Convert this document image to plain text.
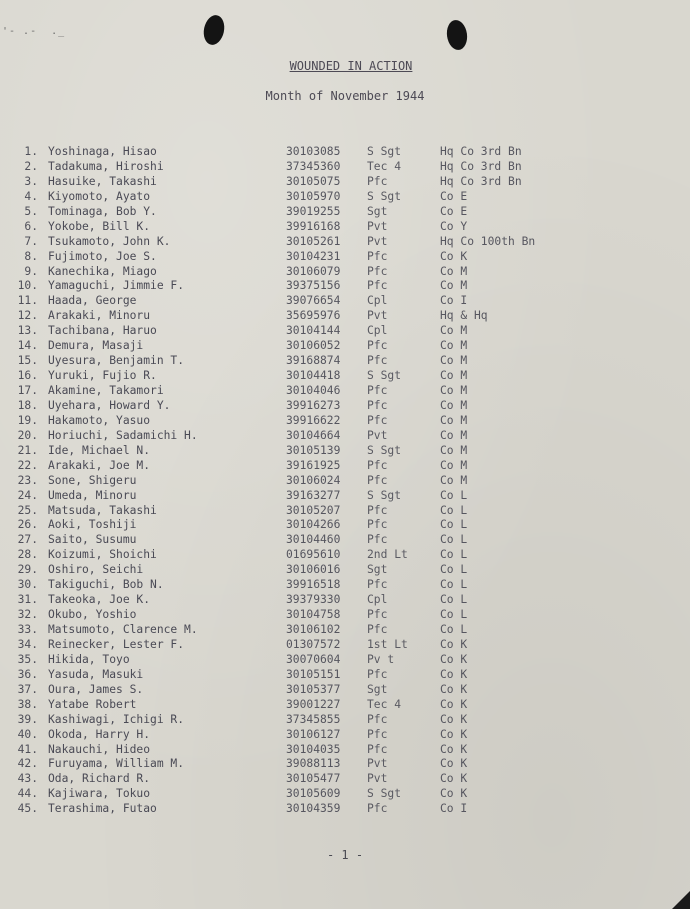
'- .-  ._
WOUNDED IN ACTION
Month of November 1944
1. Yoshinaga, Hisao	30103085 S Sgt	Hq Co 3rd Bn
2. Tadakuma, Hiroshi	37345360 Tec 4	Hq Co 3rd Bn
3. Hasuike, Takashi	30105075 Pfc	Hq Co 3rd Bn
4. Kiyomoto, Ayato	30105970 S Sgt	Co E
5. Tominaga, Bob Y.	39019255 Sgt	Co E
6. Yokobe, Bill K.	39916168 Pvt	Co Y
7. Tsukamoto, John K.	30105261 Pvt	Hq Co 100th Bn
8. Fujimoto, Joe S.	30104231 Pfc	Co K
9. Kanechika, Miago	30106079 Pfc	Co M
10. Yamaguchi, Jimmie F.	39375156 Pfc	Co M
11. Haada, George	39076654 Cpl	Co I
12. Arakaki, Minoru	35695976 Pvt	Hq & Hq
13. Tachibana, Haruo	30104144 Cpl	Co M
14. Demura, Masaji	30106052 Pfc	Co M
15. Uyesura, Benjamin T.	39168874 Pfc	Co M
16. Yuruki, Fujio R.	30104418 S Sgt	Co M
17. Akamine, Takamori	30104046 Pfc	Co M
18. Uyehara, Howard Y.	39916273 Pfc	Co M
19. Hakamoto, Yasuo	39916622 Pfc	Co M
20. Horiuchi, Sadamichi H.	30104664 Pvt	Co M
21. Ide, Michael N.	30105139 S Sgt	Co M
22. Arakaki, Joe M.	39161925 Pfc	Co M
23. Sone, Shigeru	30106024 Pfc	Co M
24. Umeda, Minoru	39163277 S Sgt	Co L
25. Matsuda, Takashi	30105207 Pfc	Co L
26. Aoki, Toshiji	30104266 Pfc	Co L
27. Saito, Susumu	30104460 Pfc	Co L
28. Koizumi, Shoichi	01695610 2nd Lt	Co L
29. Oshiro, Seichi	30106016 Sgt	Co L
30. Takiguchi, Bob N.	39916518 Pfc	Co L
31. Takeoka, Joe K.	39379330 Cpl	Co L
32. Okubo, Yoshio	30104758 Pfc	Co L
33. Matsumoto, Clarence M.	30106102 Pfc	Co L
34. Reinecker, Lester F.	01307572 1st Lt	Co K
35. Hikida, Toyo	30070604 Pv t	Co K
36. Yasuda, Masuki	30105151 Pfc	Co K
37. Oura, James S.	30105377 Sgt	Co K
38. Yatabe Robert	39001227 Tec 4	Co K
39. Kashiwagi, Ichigi R.	37345855 Pfc	Co K
40. Okoda, Harry H.	30106127 Pfc	Co K
41. Nakauchi, Hideo	30104035 Pfc	Co K
42. Furuyama, William M.	39088113 Pvt	Co K
43. Oda, Richard R.	30105477 Pvt	Co K
44. Kajiwara, Tokuo	30105609 S Sgt	Co K
45. Terashima, Futao	30104359 Pfc	Co I
- 1 -
